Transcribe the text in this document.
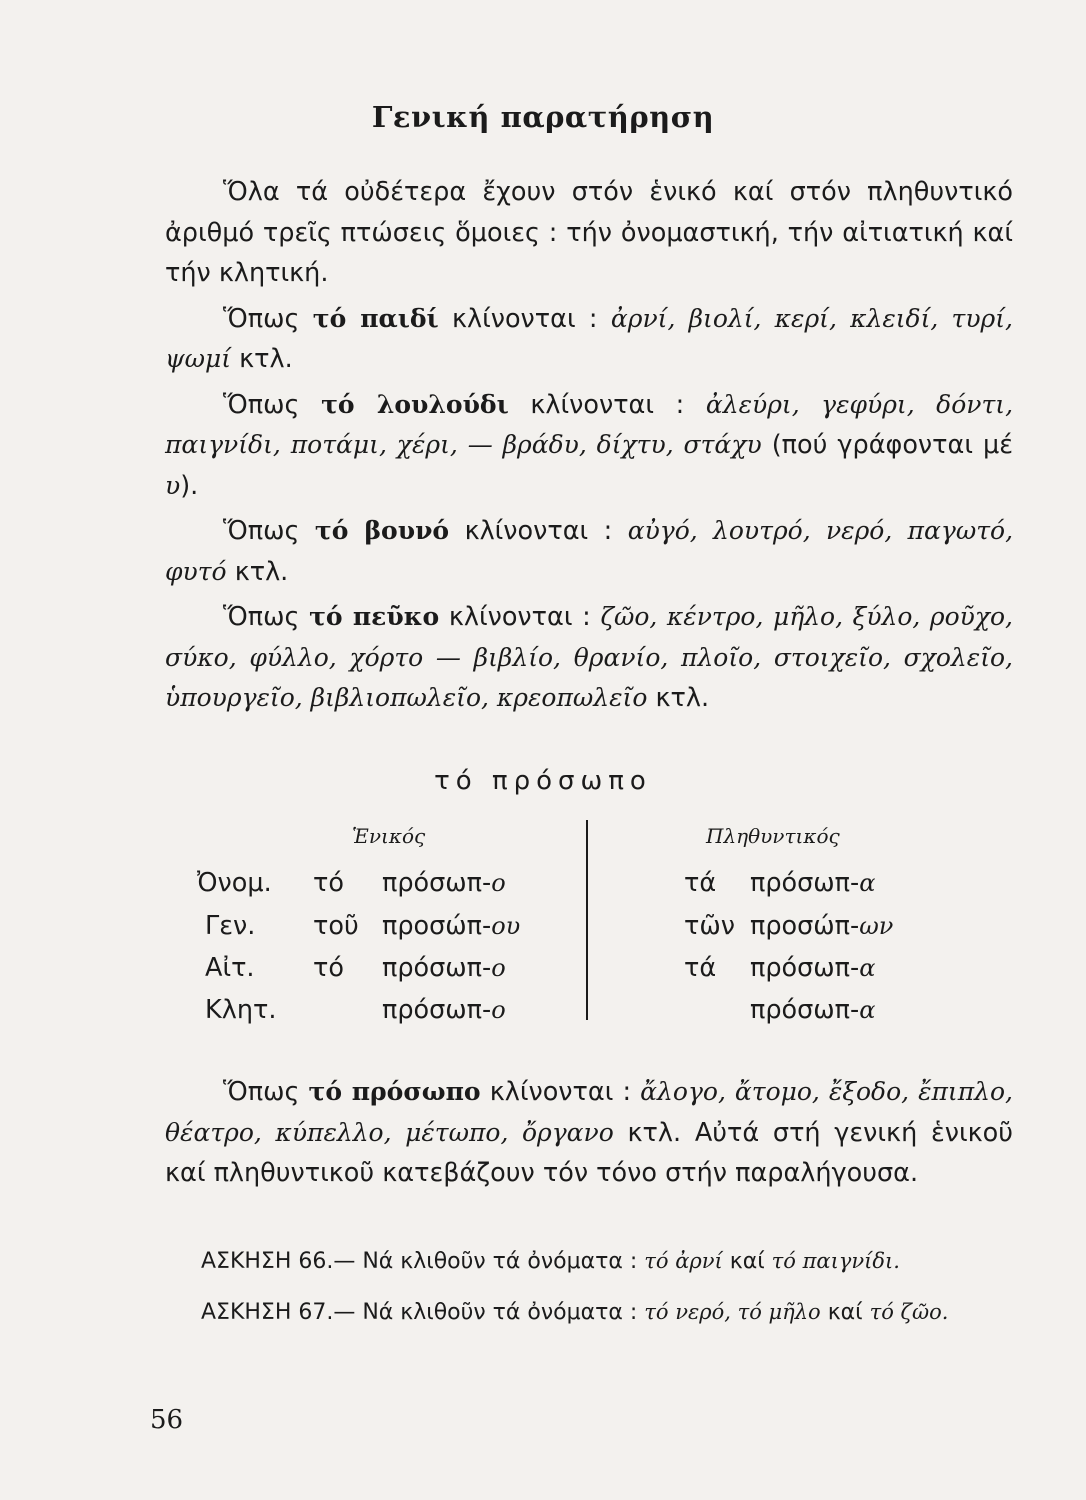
Γενική παρατήρηση

Ὅλα τά οὐδέτερα ἔχουν στόν ἑνικό καί στόν πληθυντικό ἀριθμό τρεῖς πτώσεις ὅμοιες : τήν ὀνομαστική, τήν αἰτιατική καί τήν κλητική.

Ὅπως τό παιδί κλίνονται : ἀρνί, βιολί, κερί, κλειδί, τυρί, ψωμί κτλ.

Ὅπως τό λουλούδι κλίνονται : ἀλεύρι, γεφύρι, δόντι, παιγνίδι, ποτάμι, χέρι, — βράδυ, δίχτυ, στάχυ (πού γράφονται μέ υ).

Ὅπως τό βουνό κλίνονται : αὐγό, λουτρό, νερό, παγωτό, φυτό κτλ.

Ὅπως τό πεῦκο κλίνονται : ζῶο, κέντρο, μῆλο, ξύλο, ροῦχο, σύκο, φύλλο, χόρτο — βιβλίο, θρανίο, πλοῖο, στοιχεῖο, σχολεῖο, ὑπουργεῖο, βιβλιοπωλεῖο, κρεοπωλεῖο κτλ.

τό πρόσωπο
Ἑνικός	Πληθυντικός
Ὀνομ. τό πρόσωπ-ο	τά πρόσωπ-α
Γεν. τοῦ προσώπ-ου	τῶν προσώπ-ων
Αἰτ. τό πρόσωπ-ο	τά πρόσωπ-α
Κλητ.	πρόσωπ-ο	πρόσωπ-α

Ὅπως τό πρόσωπο κλίνονται : ἄλογο, ἄτομο, ἔξοδο, ἔπιπλο, θέατρο, κύπελλο, μέτωπο, ὄργανο κτλ. Αὐτά στή γενική ἑνικοῦ καί πληθυντικοῦ κατεβάζουν τόν τόνο στήν παραλήγουσα.

ΑΣΚΗΣΗ 66.— Νά κλιθοῦν τά ὀνόματα : τό ἀρνί καί τό παιγνίδι.
ΑΣΚΗΣΗ 67.— Νά κλιθοῦν τά ὀνόματα : τό νερό, τό μῆλο καί τό ζῶο.
56
